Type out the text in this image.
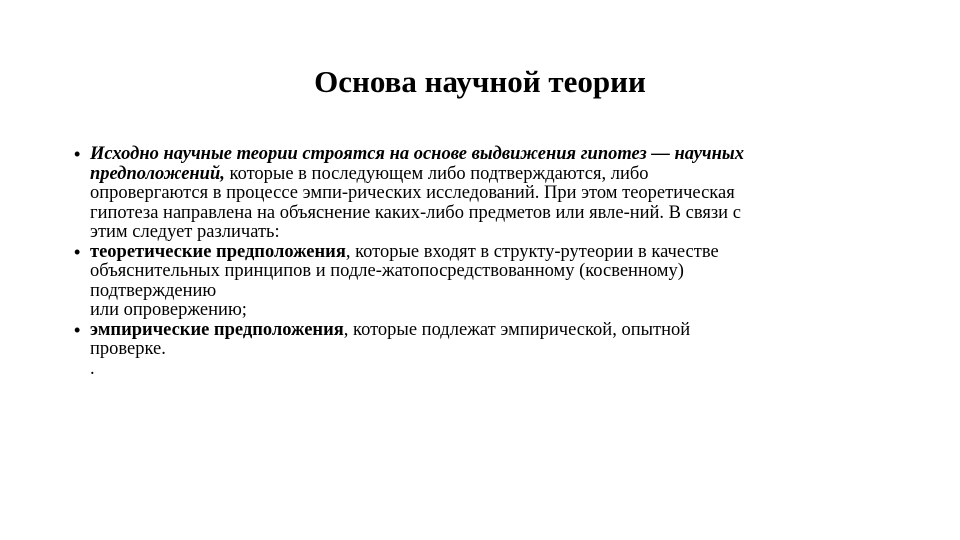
Основа научной теории
• Исходно научные теории строятся на основе выдвижения гипотез — научных
предположений, которые в последующем либо подтверждаются, либо
опровергаются в процессе эмпи-рических исследований. При этом теоретическая
гипотеза направлена на объяснение каких-либо предметов или явле-ний. В связи с
этим следует различать:
• теоретические предположения, которые входят в структу-рутеории в качестве
объяснительных принципов и подле-жатопосредствованному (косвенному)
подтверждению
или опровержению;
• эмпирические предположения, которые подлежат эмпирической, опытной
проверке.
.
